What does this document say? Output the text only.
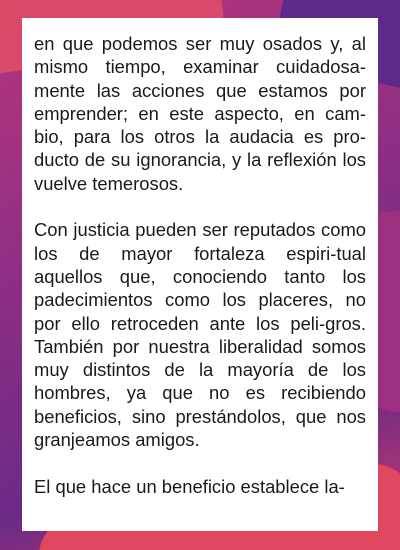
en que podemos ser muy osados y, al mismo tiempo, examinar cuidadosa-mente las acciones que estamos por emprender; en este aspecto, en cam-bio, para los otros la audacia es pro-ducto de su ignorancia, y la reflexión los vuelve temerosos.

Con justicia pueden ser reputados como los de mayor fortaleza espiri-tual aquellos que, conociendo tanto los padecimientos como los placeres, no por ello retroceden ante los peli-gros. También por nuestra liberalidad somos muy distintos de la mayoría de los hombres, ya que no es recibiendo beneficios, sino prestándolos, que nos granjeamos amigos.

El que hace un beneficio establece la-
